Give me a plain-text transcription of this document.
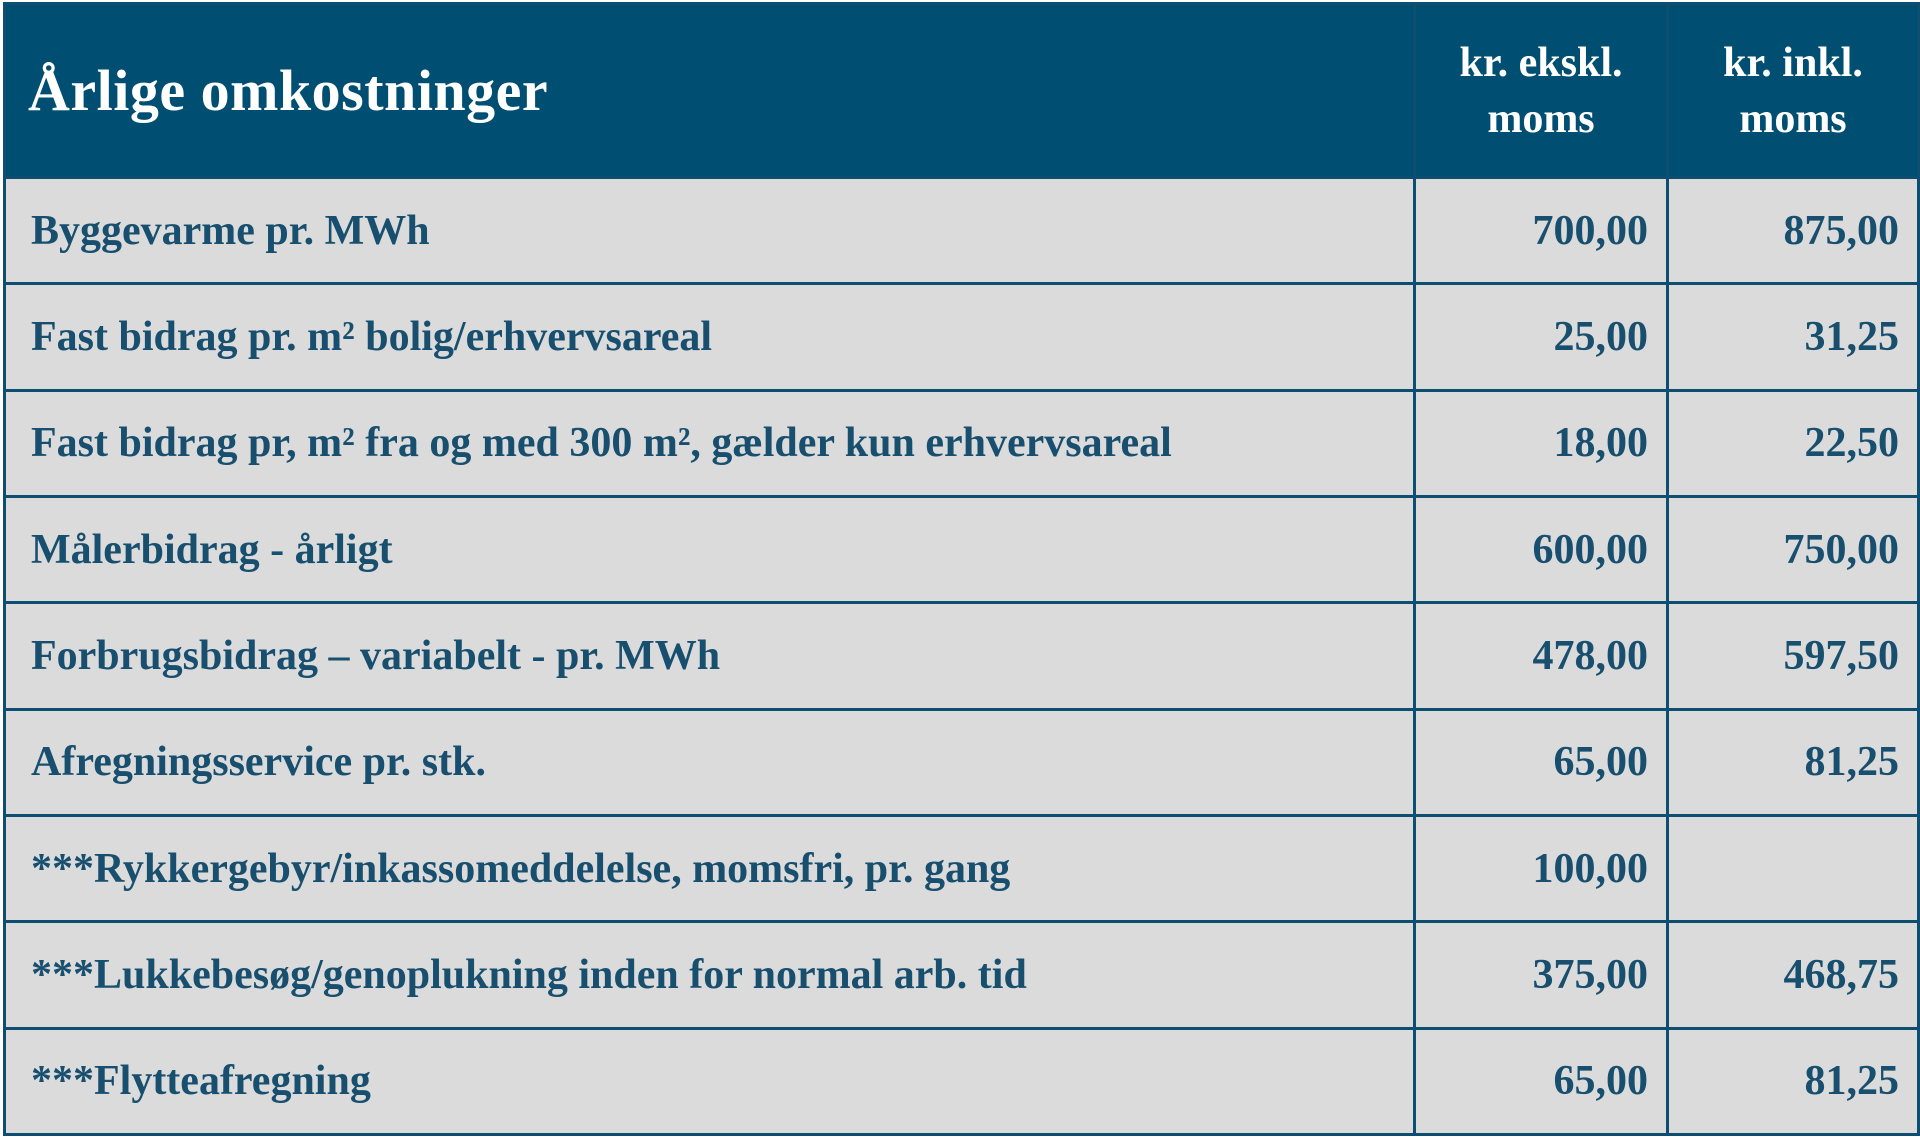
Årlige omkostninger	kr. ekskl. moms	kr. inkl. moms
Byggevarme pr. MWh	700,00	875,00
Fast bidrag pr. m² bolig/erhvervsareal	25,00	31,25
Fast bidrag pr, m² fra og med 300 m², gælder kun erhvervsareal	18,00	22,50
Målerbidrag - årligt	600,00	750,00
Forbrugsbidrag – variabelt - pr. MWh	478,00	597,50
Afregningsservice pr. stk.	65,00	81,25
***Rykkergebyr/inkassomeddelelse, momsfri, pr. gang	100,00	
***Lukkebesøg/genoplukning inden for normal arb. tid	375,00	468,75
***Flytteafregning	65,00	81,25
